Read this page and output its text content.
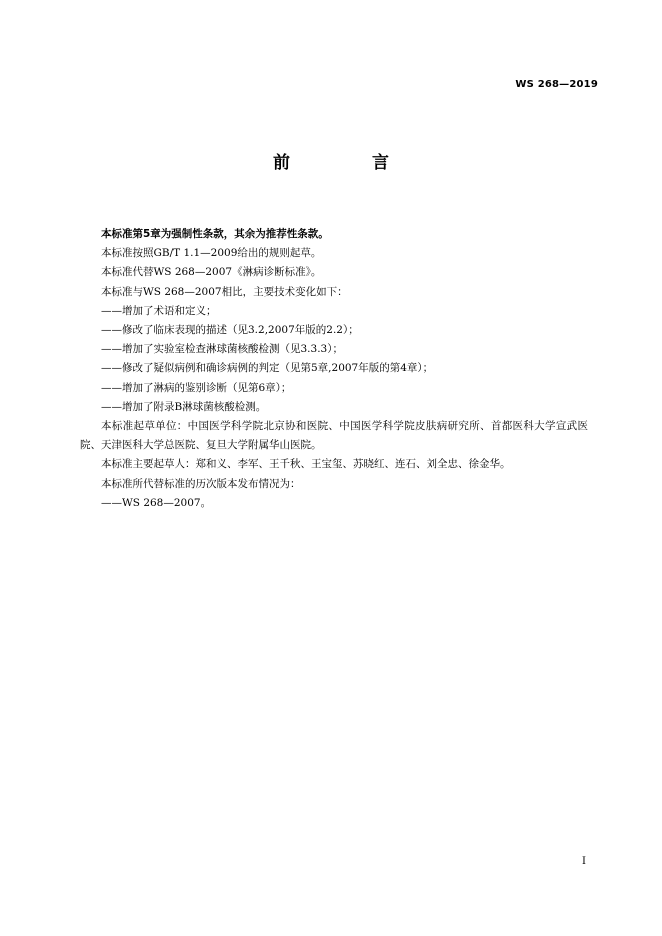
WS 268—2019
前 言

本标准第5章为强制性条款，其余为推荐性条款。

本标准按照GB/T 1.1—2009给出的规则起草。

本标准代替WS 268—2007《淋病诊断标准》。

本标准与WS 268—2007相比，主要技术变化如下：

——增加了术语和定义；

——修改了临床表现的描述（见3.2,2007年版的2.2）；

——增加了实验室检查淋球菌核酸检测（见3.3.3）；

——修改了疑似病例和确诊病例的判定（见第5章,2007年版的第4章）；

——增加了淋病的鉴别诊断（见第6章）；

——增加了附录B淋球菌核酸检测。

本标准起草单位：中国医学科学院北京协和医院、中国医学科学院皮肤病研究所、首都医科大学宣武医院、天津医科大学总医院、复旦大学附属华山医院。

本标准主要起草人：郑和义、李军、王千秋、王宝玺、苏晓红、连石、刘全忠、徐金华。

本标准所代替标准的历次版本发布情况为：

——WS 268—2007。

I
